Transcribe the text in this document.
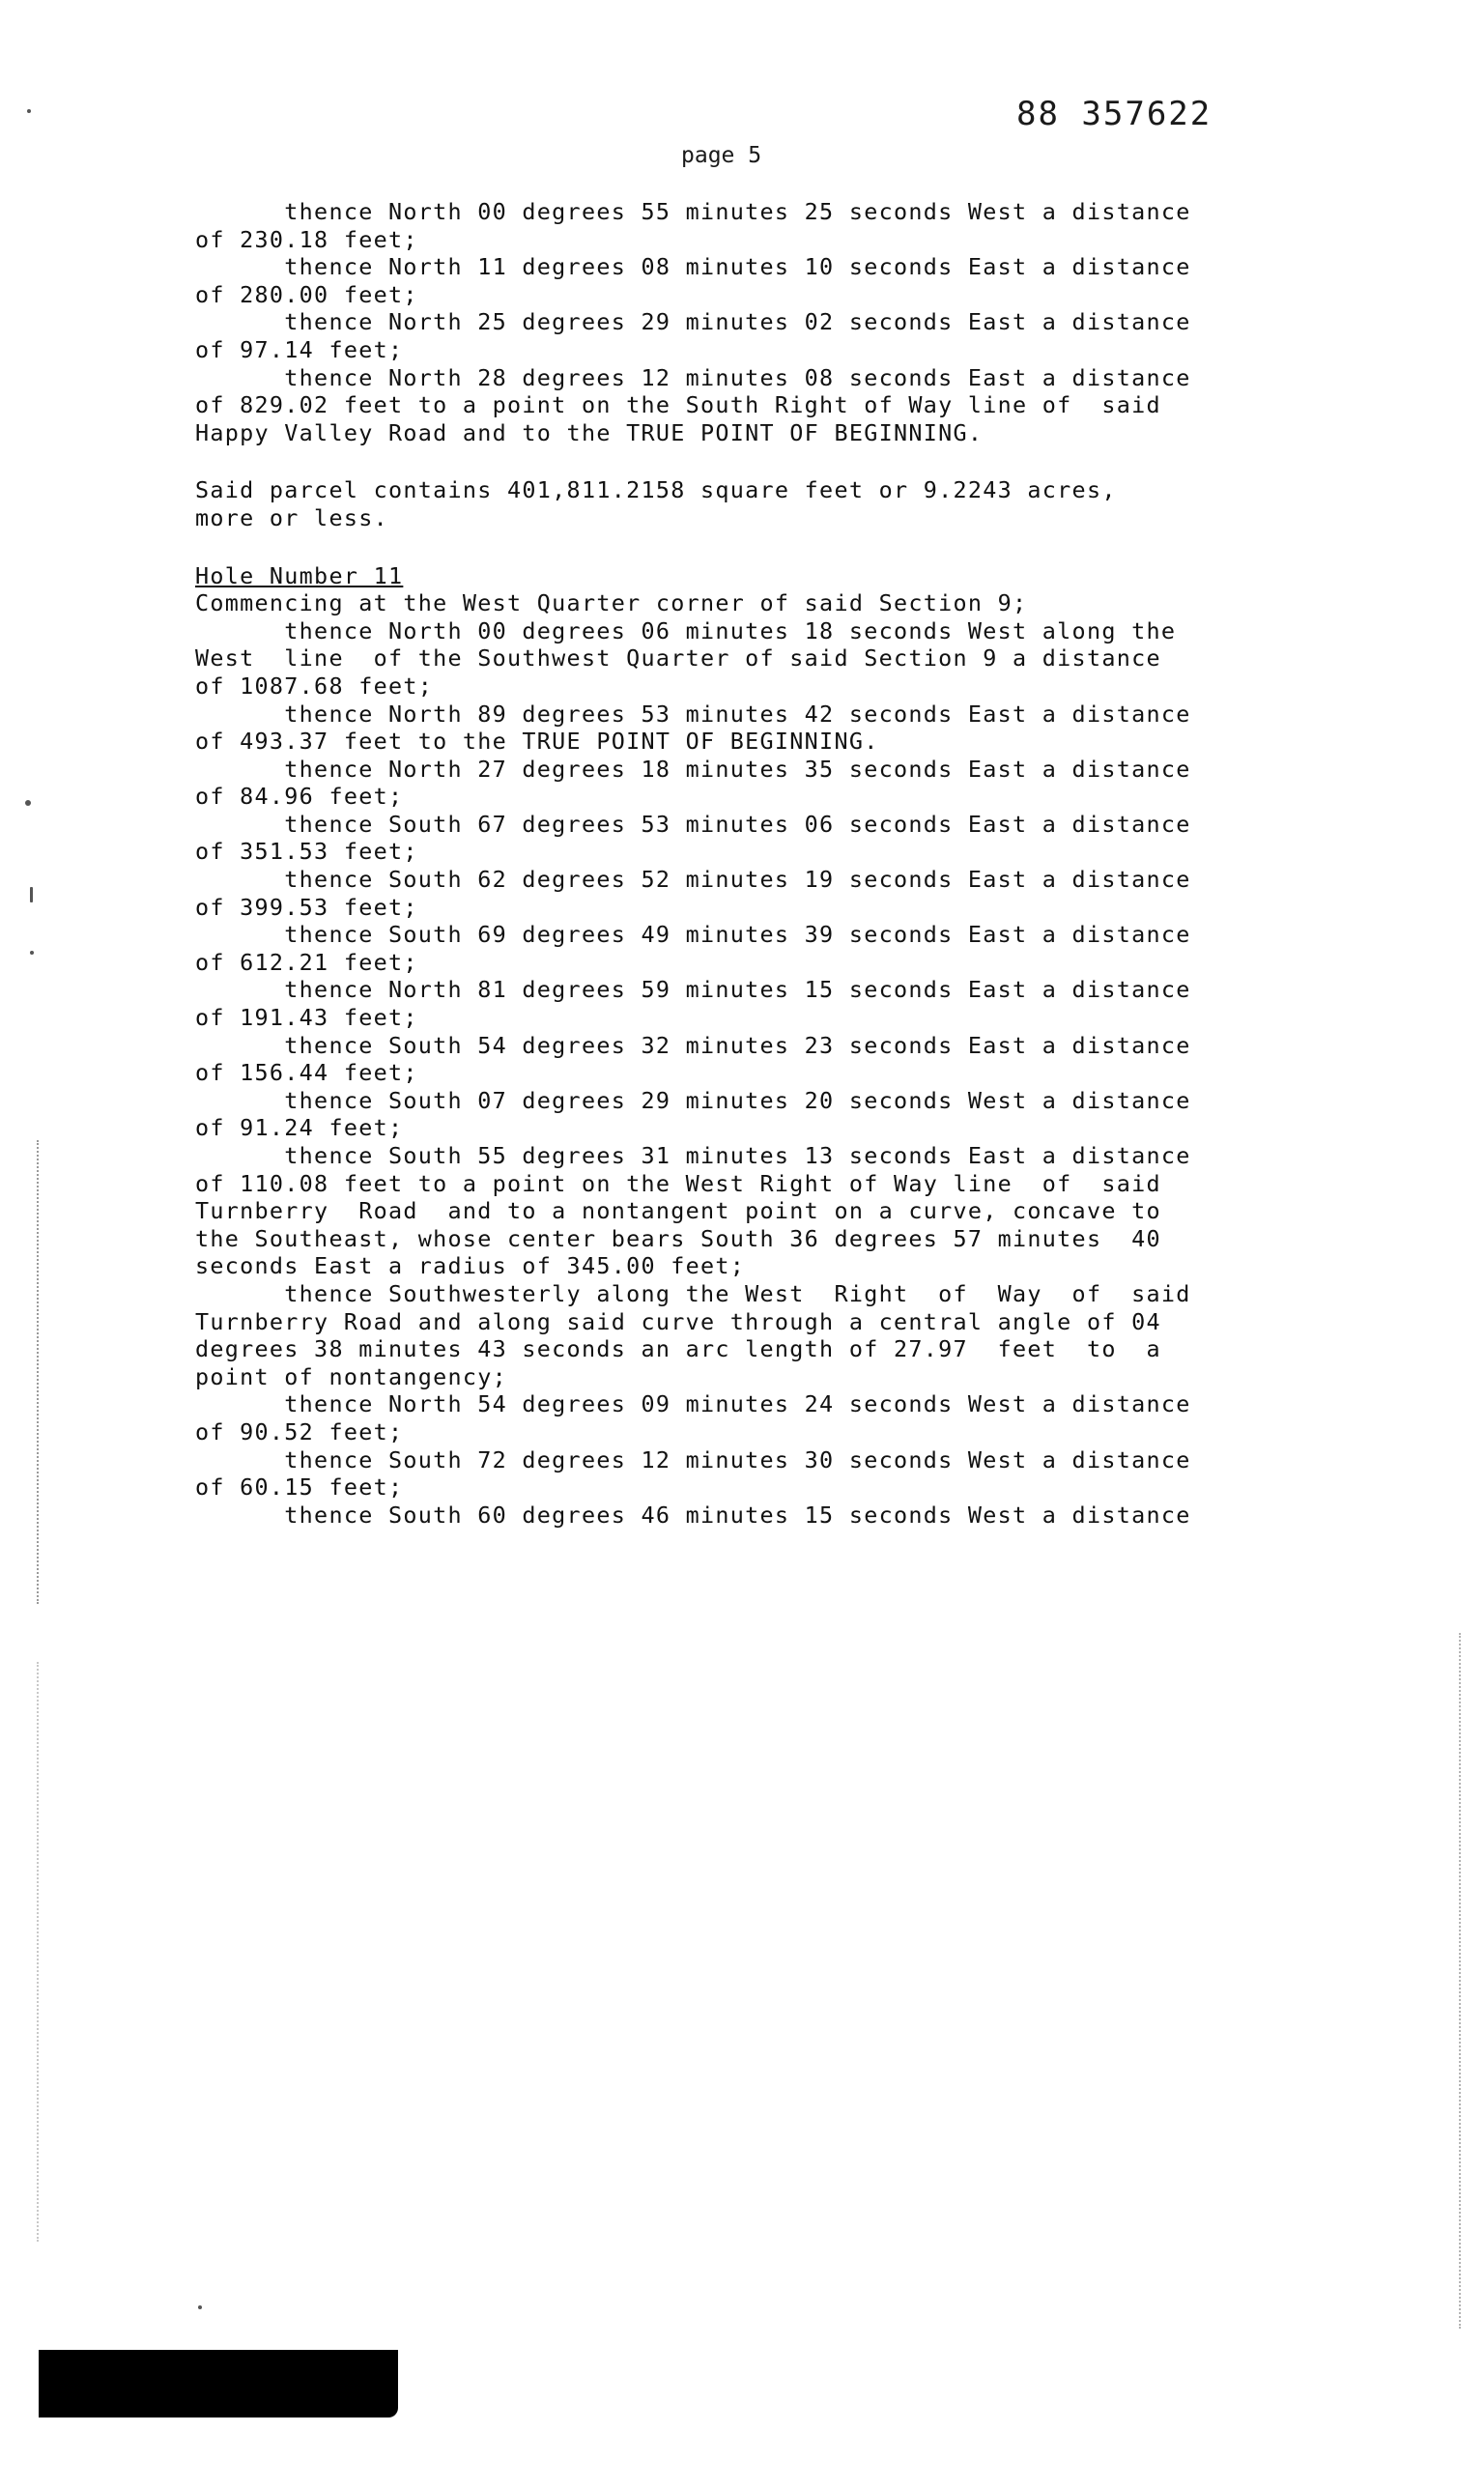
88 357622
page 5
thence North 00 degrees 55 minutes 25 seconds West a distance
of 230.18 feet;
thence North 11 degrees 08 minutes 10 seconds East a distance
of 280.00 feet;
thence North 25 degrees 29 minutes 02 seconds East a distance
of 97.14 feet;
thence North 28 degrees 12 minutes 08 seconds East a distance
of 829.02 feet to a point on the South Right of Way line of  said
Happy Valley Road and to the TRUE POINT OF BEGINNING.
Said parcel contains 401,811.2158 square feet or 9.2243 acres,
more or less.
Hole Number 11
Commencing at the West Quarter corner of said Section 9;
thence North 00 degrees 06 minutes 18 seconds West along the
West  line  of the Southwest Quarter of said Section 9 a distance
of 1087.68 feet;
thence North 89 degrees 53 minutes 42 seconds East a distance
of 493.37 feet to the TRUE POINT OF BEGINNING.
thence North 27 degrees 18 minutes 35 seconds East a distance
of 84.96 feet;
thence South 67 degrees 53 minutes 06 seconds East a distance
of 351.53 feet;
thence South 62 degrees 52 minutes 19 seconds East a distance
of 399.53 feet;
thence South 69 degrees 49 minutes 39 seconds East a distance
of 612.21 feet;
thence North 81 degrees 59 minutes 15 seconds East a distance
of 191.43 feet;
thence South 54 degrees 32 minutes 23 seconds East a distance
of 156.44 feet;
thence South 07 degrees 29 minutes 20 seconds West a distance
of 91.24 feet;
thence South 55 degrees 31 minutes 13 seconds East a distance
of 110.08 feet to a point on the West Right of Way line  of  said
Turnberry  Road  and to a nontangent point on a curve, concave to
the Southeast, whose center bears South 36 degrees 57 minutes  40
seconds East a radius of 345.00 feet;
thence Southwesterly along the West  Right  of  Way  of  said
Turnberry Road and along said curve through a central angle of 04
degrees 38 minutes 43 seconds an arc length of 27.97  feet  to  a
point of nontangency;
thence North 54 degrees 09 minutes 24 seconds West a distance
of 90.52 feet;
thence South 72 degrees 12 minutes 30 seconds West a distance
of 60.15 feet;
thence South 60 degrees 46 minutes 15 seconds West a distance
